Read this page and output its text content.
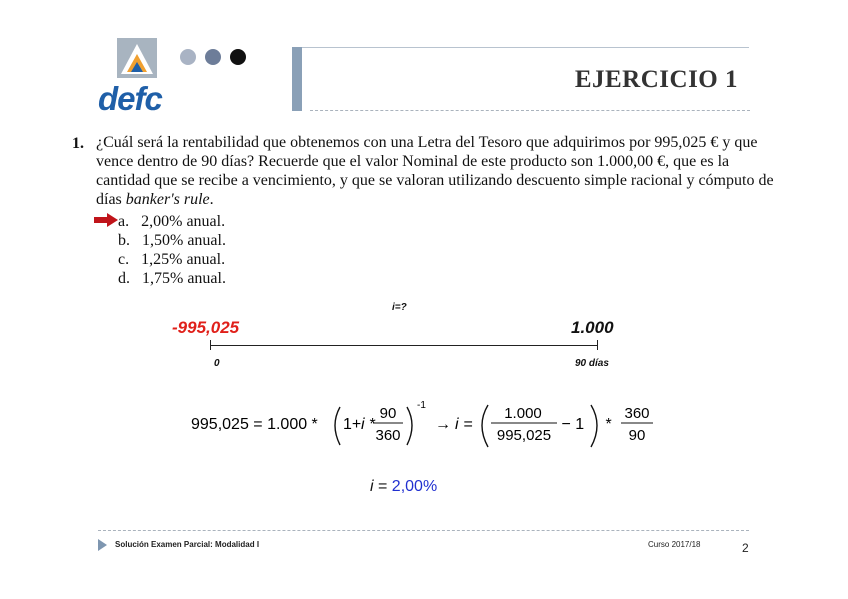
defc
EJERCICIO 1
1. ¿Cuál será la rentabilidad que obtenemos con una Letra del Tesoro que adquirimos por 995,025 € y que vence dentro de 90 días? Recuerde que el valor Nominal de este producto son 1.000,00 €, que es la cantidad que se recibe a vencimiento, y que se valoran utilizando descuento simple racional y cómputo de días banker's rule.
a. 2,00% anual.
b. 1,50% anual.
c. 1,25% anual.
d. 1,75% anual.
i=?
-995,025	1.000
0	90 días
995,025 = 1.000 * 1+ i *
90
360
-1
→ i =
1.000
995,025
− 1 *
360
90
i = 2,00%
Solución Examen Parcial: Modalidad I	Curso 2017/18	2
